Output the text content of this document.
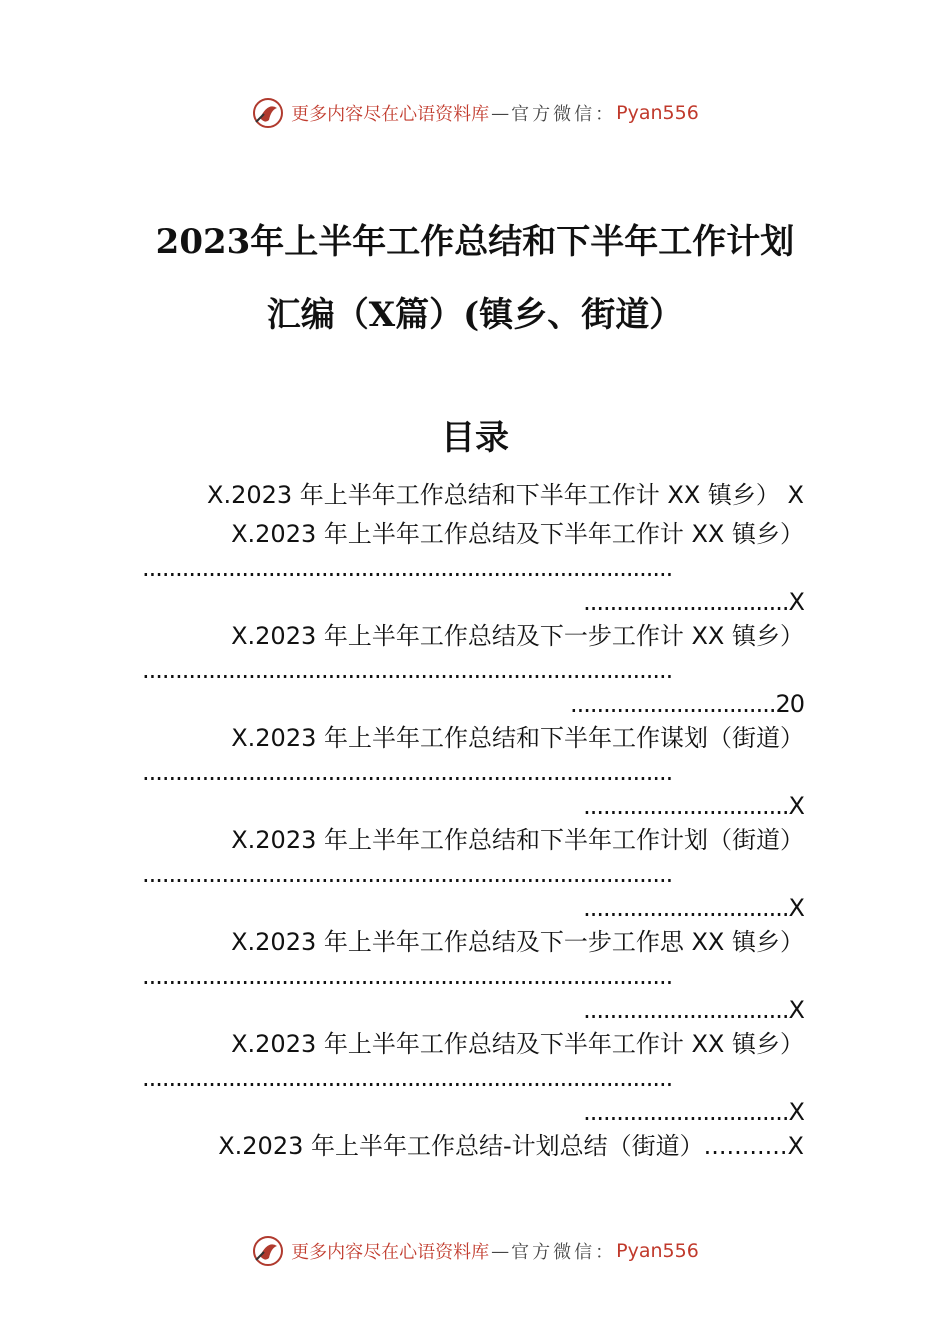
更多内容尽在心语资料库 — 官方微信： Pyan556
2023年上半年工作总结和下半年工作计划
汇编（X篇）(镇乡、街道）
目录
X.2023 年上半年工作总结和下半年工作计 XX 镇乡） X
X.2023 年上半年工作总结及下半年工作计 XX 镇乡）
................................................................................
...............................X
X.2023 年上半年工作总结及下一步工作计 XX 镇乡）
................................................................................
...............................20
X.2023 年上半年工作总结和下半年工作谋划（街道）
................................................................................
...............................X
X.2023 年上半年工作总结和下半年工作计划（街道）
................................................................................
...............................X
X.2023 年上半年工作总结及下一步工作思 XX 镇乡）
................................................................................
...............................X
X.2023 年上半年工作总结及下半年工作计 XX 镇乡）
................................................................................
...............................X
X.2023 年上半年工作总结-计划总结（街道）...........X
更多内容尽在心语资料库 — 官方微信： Pyan556
